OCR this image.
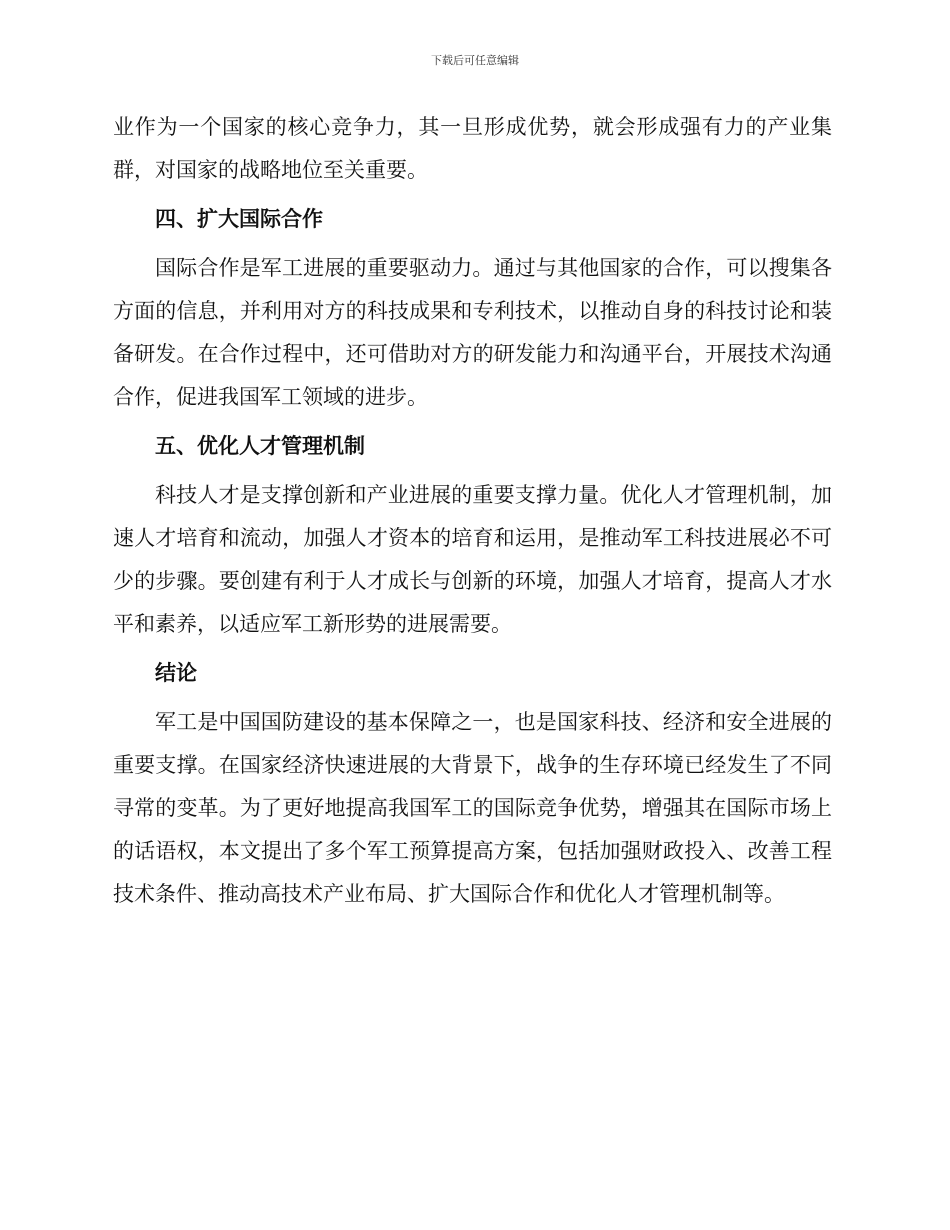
下载后可任意编辑

业作为一个国家的核心竞争力，其一旦形成优势，就会形成强有力的产业集群，对国家的战略地位至关重要。

四、扩大国际合作

国际合作是军工进展的重要驱动力。通过与其他国家的合作，可以搜集各方面的信息，并利用对方的科技成果和专利技术，以推动自身的科技讨论和装备研发。在合作过程中，还可借助对方的研发能力和沟通平台，开展技术沟通合作，促进我国军工领域的进步。

五、优化人才管理机制

科技人才是支撑创新和产业进展的重要支撑力量。优化人才管理机制，加速人才培育和流动，加强人才资本的培育和运用，是推动军工科技进展必不可少的步骤。要创建有利于人才成长与创新的环境，加强人才培育，提高人才水平和素养，以适应军工新形势的进展需要。

结论

军工是中国国防建设的基本保障之一，也是国家科技、经济和安全进展的重要支撑。在国家经济快速进展的大背景下，战争的生存环境已经发生了不同寻常的变革。为了更好地提高我国军工的国际竞争优势，增强其在国际市场上的话语权，本文提出了多个军工预算提高方案，包括加强财政投入、改善工程技术条件、推动高技术产业布局、扩大国际合作和优化人才管理机制等。
